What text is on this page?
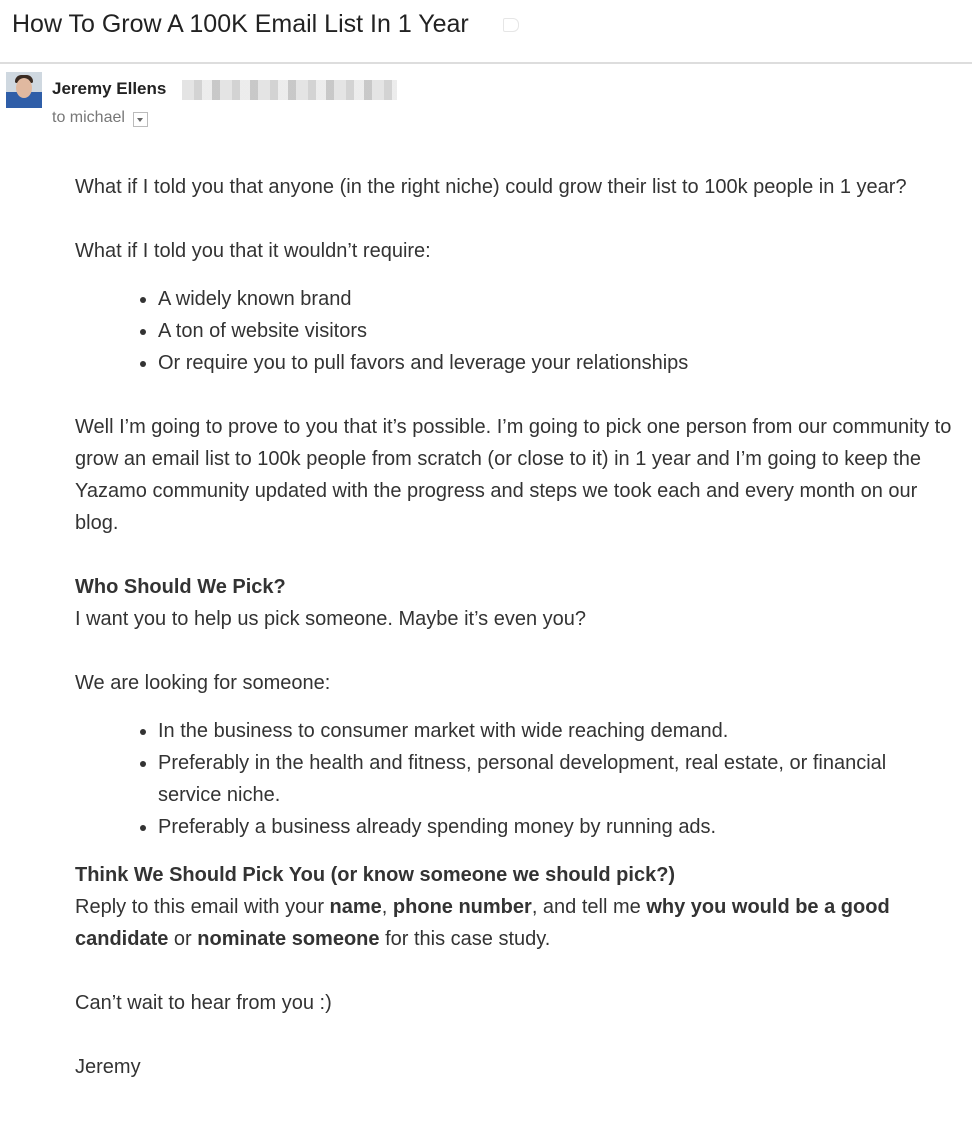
How To Grow A 100K Email List In 1 Year
Jeremy Ellens
to michael

What if I told you that anyone (in the right niche) could grow their list to 100k people in 1 year?

What if I told you that it wouldn’t require:

• A widely known brand
• A ton of website visitors
• Or require you to pull favors and leverage your relationships

Well I’m going to prove to you that it’s possible. I’m going to pick one person from our community to grow an email list to 100k people from scratch (or close to it) in 1 year and I’m going to keep the Yazamo community updated with the progress and steps we took each and every month on our blog.

Who Should We Pick?

I want you to help us pick someone. Maybe it’s even you?

We are looking for someone:

• In the business to consumer market with wide reaching demand.
• Preferably in the health and fitness, personal development, real estate, or financial service niche.
• Preferably a business already spending money by running ads.
Think We Should Pick You (or know someone we should pick?)

Reply to this email with your name, phone number, and tell me why you would be a good candidate or nominate someone for this case study.

Can’t wait to hear from you :)

Jeremy
